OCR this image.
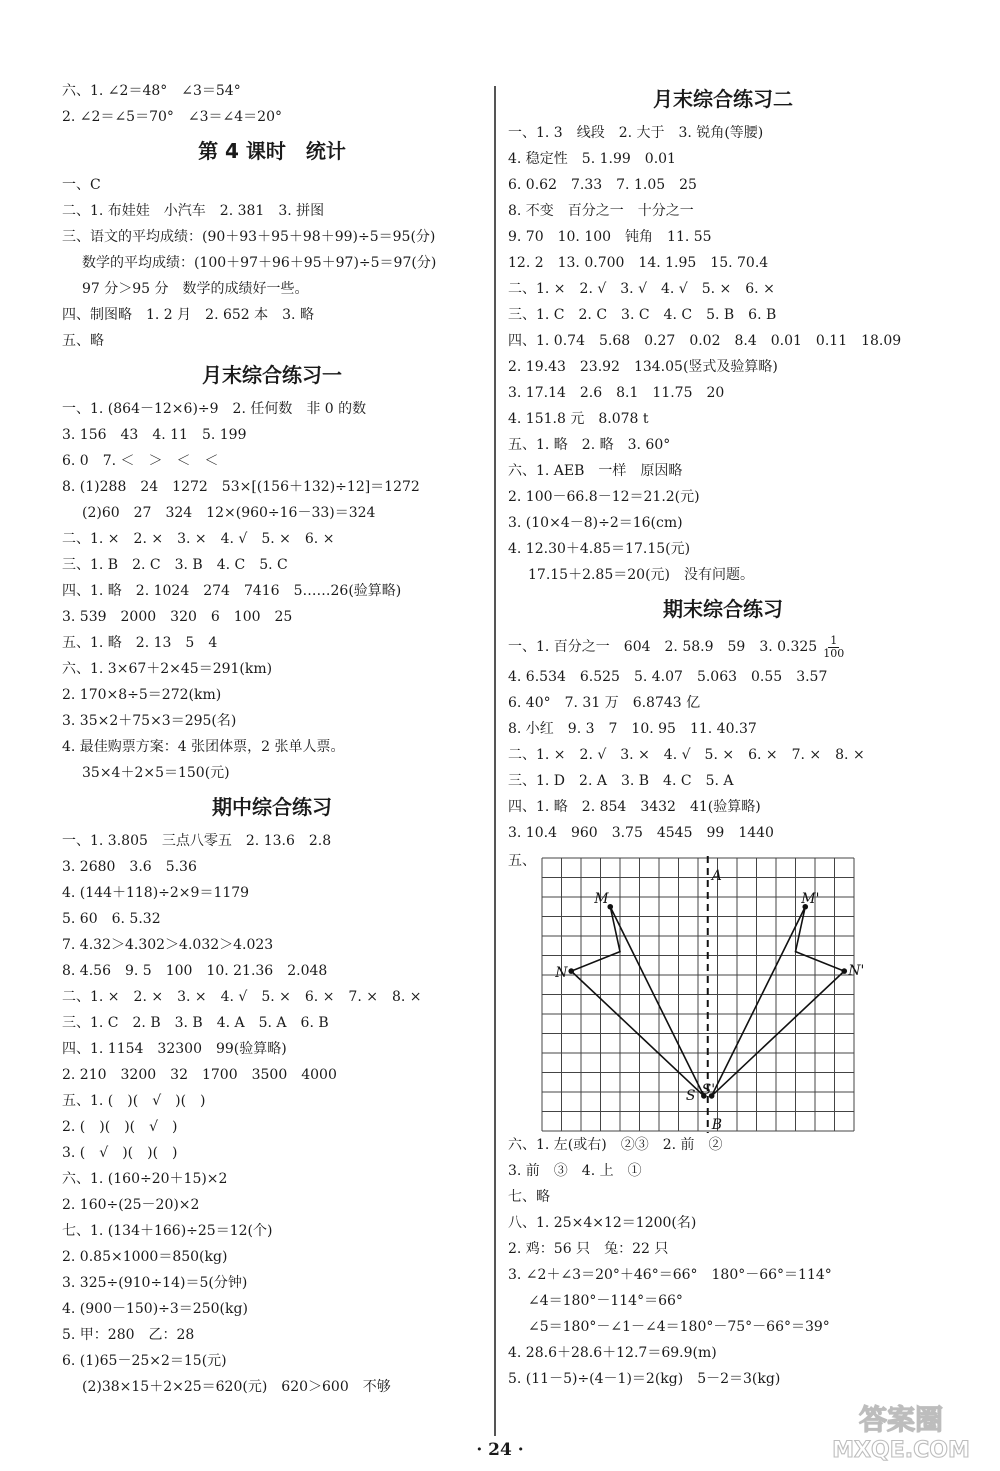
六、1. ∠2＝48°　∠3＝54°
2. ∠2＝∠5＝70°　∠3＝∠4＝20°
第 4 课时　统计
一、C
二、1. 布娃娃　小汽车　2. 381　3. 拼图
三、语文的平均成绩：(90＋93＋95＋98＋99)÷5＝95(分)
数学的平均成绩：(100＋97＋96＋95＋97)÷5＝97(分)
97 分＞95 分　数学的成绩好一些。
四、制图略　1. 2 月　2. 652 本　3. 略
五、略
月末综合练习一
一、1. (864－12×6)÷9　2. 任何数　非 0 的数
3. 156　43　4. 11　5. 199
6. 0　7. ＜　＞　＜　＜
8. (1)288　24　1272　53×[(156＋132)÷12]＝1272
(2)60　27　324　12×(960÷16－33)＝324
二、1. ×　2. ×　3. ×　4. √　5. ×　6. ×
三、1. B　2. C　3. B　4. C　5. C
四、1. 略　2. 1024　274　7416　5……26(验算略)
3. 539　2000　320　6　100　25
五、1. 略　2. 13　5　4
六、1. 3×67＋2×45＝291(km)
2. 170×8÷5＝272(km)
3. 35×2＋75×3＝295(名)
4. 最佳购票方案：4 张团体票，2 张单人票。
35×4＋2×5＝150(元)
期中综合练习
一、1. 3.805　三点八零五　2. 13.6　2.8
3. 2680　3.6　5.36
4. (144＋118)÷2×9＝1179
5. 60　6. 5.32
7. 4.32＞4.302＞4.032＞4.023
8. 4.56　9. 5　100　10. 21.36　2.048
二、1. ×　2. ×　3. ×　4. √　5. ×　6. ×　7. ×　8. ×
三、1. C　2. B　3. B　4. A　5. A　6. B
四、1. 1154　32300　99(验算略)
2. 210　3200　32　1700　3500　4000
五、1. (　)(　√　)(　)
2. (　)(　)(　√　)
3. (　√　)(　)(　)
六、1. (160÷20＋15)×2
2. 160÷(25－20)×2
七、1. (134＋166)÷25＝12(个)
2. 0.85×1000＝850(kg)
3. 325÷(910÷14)＝5(分钟)
4. (900－150)÷3＝250(kg)
5. 甲：280　乙：28
6. (1)65－25×2＝15(元)
(2)38×15＋2×25＝620(元)　620＞600　不够
月末综合练习二
一、1. 3　线段　2. 大于　3. 锐角(等腰)
4. 稳定性　5. 1.99　0.01
6. 0.62　7.33　7. 1.05　25
8. 不变　百分之一　十分之一
9. 70　10. 100　钝角　11. 55
12. 2　13. 0.700　14. 1.95　15. 70.4
二、1. ×　2. √　3. √　4. √　5. ×　6. ×
三、1. C　2. C　3. C　4. C　5. B　6. B
四、1. 0.74　5.68　0.27　0.02　8.4　0.01　0.11　18.09
2. 19.43　23.92　134.05(竖式及验算略)
3. 17.14　2.6　8.1　11.75　20
4. 151.8 元　8.078 t
五、1. 略　2. 略　3. 60°
六、1. AEB　一样　原因略
2. 100－66.8－12＝21.2(元)
3. (10×4－8)÷2＝16(cm)
4. 12.30＋4.85＝17.15(元)
17.15＋2.85＝20(元)　没有问题。
期末综合练习
一、1. 百分之一　604　2. 58.9　59　3. $0.325 \frac{1}{100}$
4. 6.534　6.525　5. 4.07　5.063　0.55　3.57
6. 40°　7. 31 万　6.8743 亿
8. 小红　9. 3　7　10. 95　11. 40.37
二、1. ×　2. √　3. ×　4. √　5. ×　6. ×　7. ×　8. ×
三、1. D　2. A　3. B　4. C　5. A
四、1. 略　2. 854　3432　41(验算略)
3. 10.4　960　3.75　4545　99　1440
五、
A
B
M
N
S
M'
N'
S'
六、1. 左(或右)　②③　2. 前　②
3. 前　③　4. 上　①
七、略
八、1. 25×4×12＝1200(名)
2. 鸡：56 只　兔：22 只
3. ∠2＋∠3＝20°＋46°＝66°　180°－66°＝114°
∠4＝180°－114°＝66°
∠5＝180°－∠1－∠4＝180°－75°－66°＝39°
4. 28.6＋28.6＋12.7＝69.9(m)
5. (11－5)÷(4－1)＝2(kg)　5－2＝3(kg)
· 24 ·
答案圈
MXQE.COM
